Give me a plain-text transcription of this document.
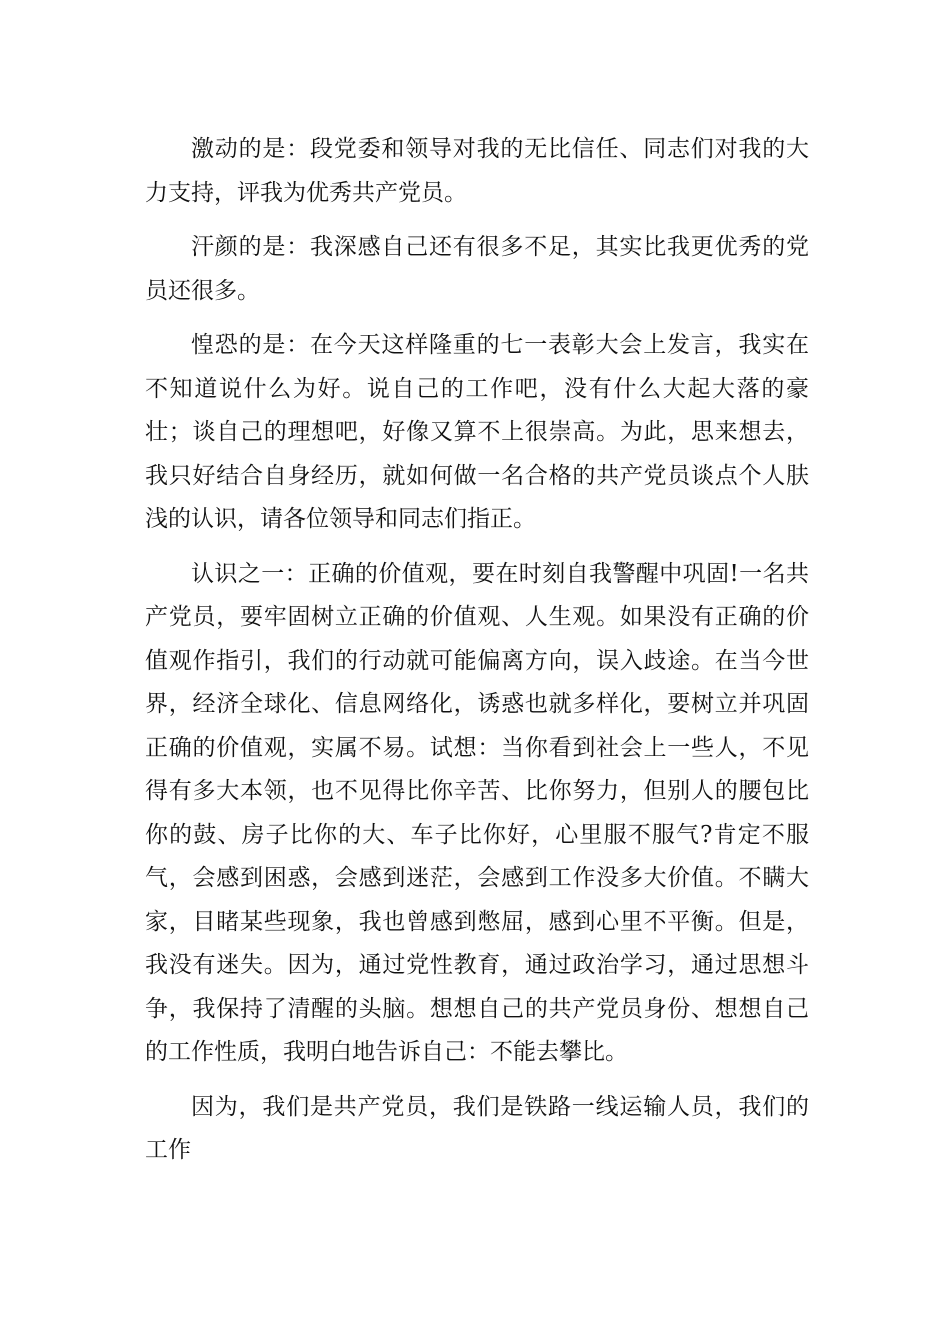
激动的是：段党委和领导对我的无比信任、同志们对我的大力支持，评我为优秀共产党员。

汗颜的是：我深感自己还有很多不足，其实比我更优秀的党员还很多。

惶恐的是：在今天这样隆重的七一表彰大会上发言，我实在不知道说什么为好。说自己的工作吧，没有什么大起大落的豪壮；谈自己的理想吧，好像又算不上很崇高。为此，思来想去，我只好结合自身经历，就如何做一名合格的共产党员谈点个人肤浅的认识，请各位领导和同志们指正。

认识之一：正确的价值观，要在时刻自我警醒中巩固!一名共产党员，要牢固树立正确的价值观、人生观。如果没有正确的价值观作指引，我们的行动就可能偏离方向，误入歧途。在当今世界，经济全球化、信息网络化，诱惑也就多样化，要树立并巩固正确的价值观，实属不易。试想：当你看到社会上一些人，不见得有多大本领，也不见得比你辛苦、比你努力，但别人的腰包比你的鼓、房子比你的大、车子比你好，心里服不服气?肯定不服气，会感到困惑，会感到迷茫，会感到工作没多大价值。不瞒大家，目睹某些现象，我也曾感到憋屈，感到心里不平衡。但是，我没有迷失。因为，通过党性教育，通过政治学习，通过思想斗争，我保持了清醒的头脑。想想自己的共产党员身份、想想自己的工作性质，我明白地告诉自己：不能去攀比。

因为，我们是共产党员，我们是铁路一线运输人员，我们的工作
